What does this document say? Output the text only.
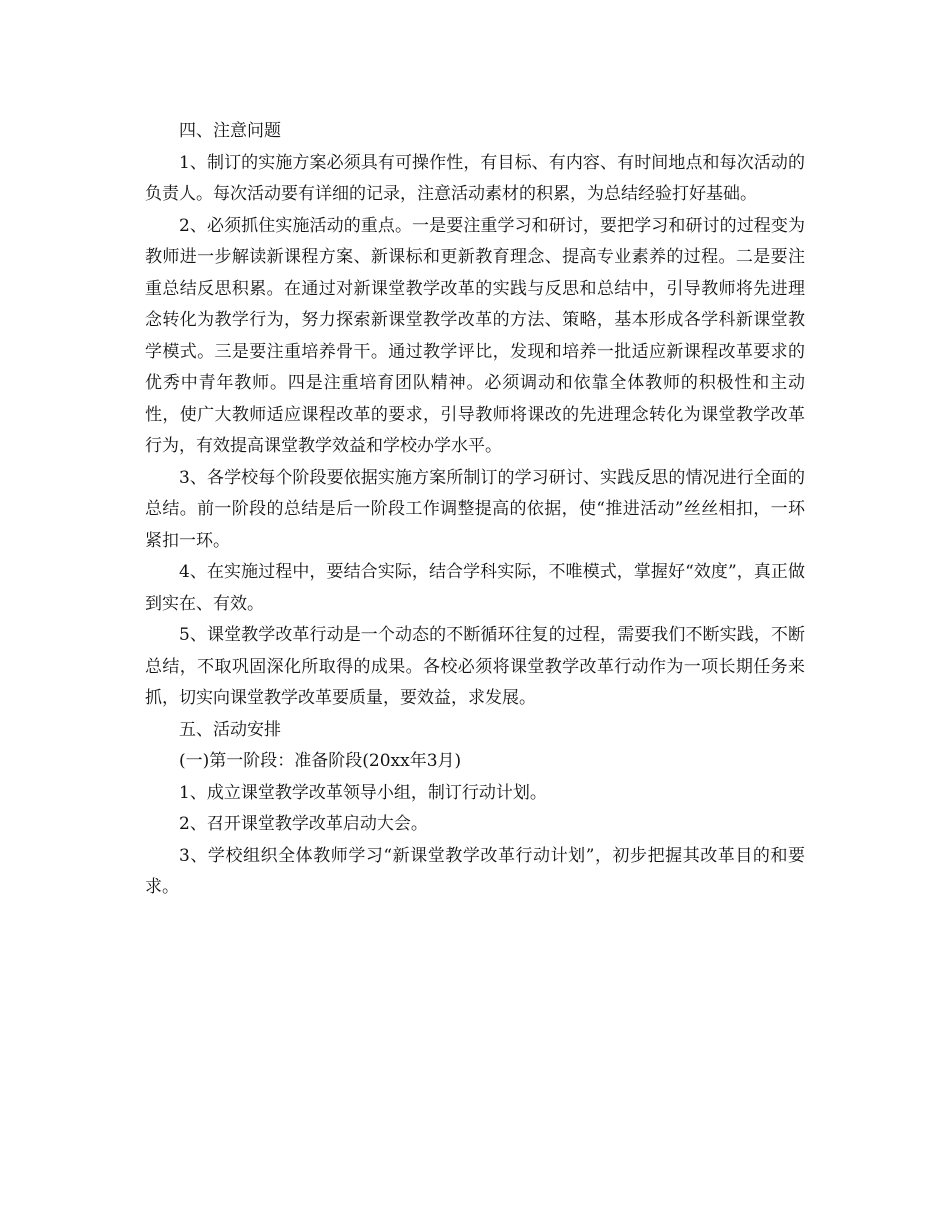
四、注意问题

1、制订的实施方案必须具有可操作性，有目标、有内容、有时间地点和每次活动的负责人。每次活动要有详细的记录，注意活动素材的积累，为总结经验打好基础。

2、必须抓住实施活动的重点。一是要注重学习和研讨，要把学习和研讨的过程变为教师进一步解读新课程方案、新课标和更新教育理念、提高专业素养的过程。二是要注重总结反思积累。在通过对新课堂教学改革的实践与反思和总结中，引导教师将先进理念转化为教学行为，努力探索新课堂教学改革的方法、策略，基本形成各学科新课堂教学模式。三是要注重培养骨干。通过教学评比，发现和培养一批适应新课程改革要求的优秀中青年教师。四是注重培育团队精神。必须调动和依靠全体教师的积极性和主动性，使广大教师适应课程改革的要求，引导教师将课改的先进理念转化为课堂教学改革行为，有效提高课堂教学效益和学校办学水平。

3、各学校每个阶段要依据实施方案所制订的学习研讨、实践反思的情况进行全面的总结。前一阶段的总结是后一阶段工作调整提高的依据，使“推进活动”丝丝相扣，一环紧扣一环。

4、在实施过程中，要结合实际，结合学科实际，不唯模式，掌握好“效度”，真正做到实在、有效。

5、课堂教学改革行动是一个动态的不断循环往复的过程，需要我们不断实践，不断总结，不取巩固深化所取得的成果。各校必须将课堂教学改革行动作为一项长期任务来抓，切实向课堂教学改革要质量，要效益，求发展。

五、活动安排

(一)第一阶段：准备阶段(20xx年3月)

1、成立课堂教学改革领导小组，制订行动计划。

2、召开课堂教学改革启动大会。

3、学校组织全体教师学习“新课堂教学改革行动计划”，初步把握其改革目的和要求。
